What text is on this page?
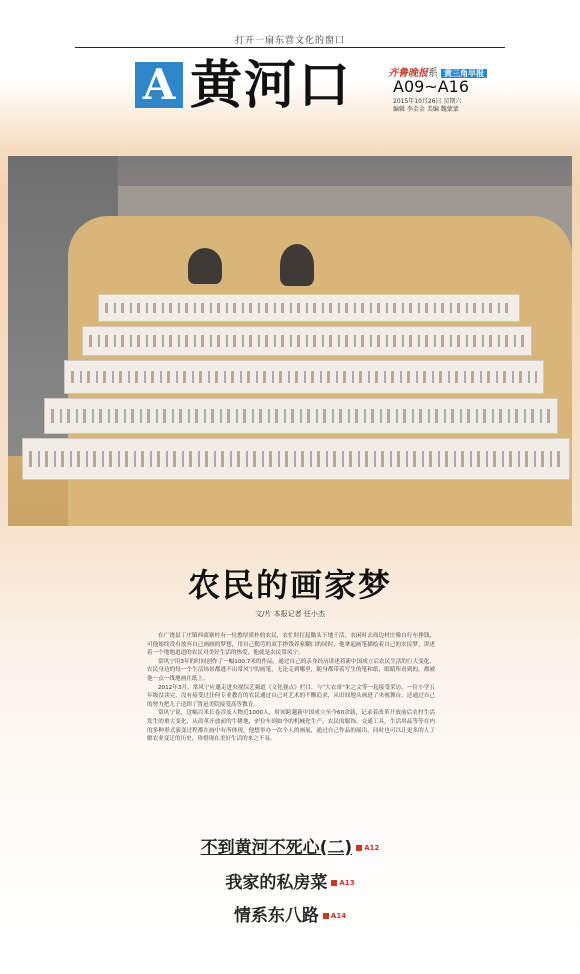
打开一扇东营文化的窗口
A 黄河口	齐鲁晚报系 黄三角早报
A09~A16
2015年10月26日 星期六
编辑 李金金 美编 魏蒙蒙
农民的画家梦
文/片 本报记者 任小杰

在广饶县丁庄镇西商寨村有一位憨厚质朴的农民，农忙时扛起锄头下地干活，农闲时去周边村庄像自行车挣钱，可他始终没有放弃自己画画的梦想，用自己勤劳的双手挣钱养家糊口的同时，他拿起画笔描绘着自己的农民梦，讲述着一个地地道道的农民对美好生活的热爱，他就是农民常风宁。

常风宁用3年的时间创作了一幅100.7米的作品，通过自己的亲身经历讲述着新中国成立后农民生活的巨大变化，农民身边的每一个生活场景都逃不出常风宁的画笔，无论走到哪里，随身都带着写生的笔和纸，眼睛所看到的，都被他一点一线地画在纸上。

2012年3月，常风宁应邀走进央视综艺频道《文化视点》栏目，与“大衣哥”朱之文等一起接受采访，一位小学五年级没读完，没有接受过任何专业教育的农民通过自己对艺术的不懈追求，从田间地头画进了央视舞台，还通过自己的努力把儿子送到了鲁迅美院接受高等教育。

常风宁说，这幅百米长卷涉及人物近1000人，时间跨越新中国成立至今60余载，记录着改革开放前后农村生活发生的重大变化，从改革开放前的牛耕地，驴拉车到如今的机械化生产，农民的服饰，交通工具，生活用品等等在内的多种形式演变过程都在画中有所体现，他想举办一次个人的画展，通过自己作品的展出，同时也可以让更多的人了解农业变迁的历史，珍惜现在美好生活的来之不易。

不到黄河不死心(二) A12
我家的私房菜 A13
情系东八路 A14
